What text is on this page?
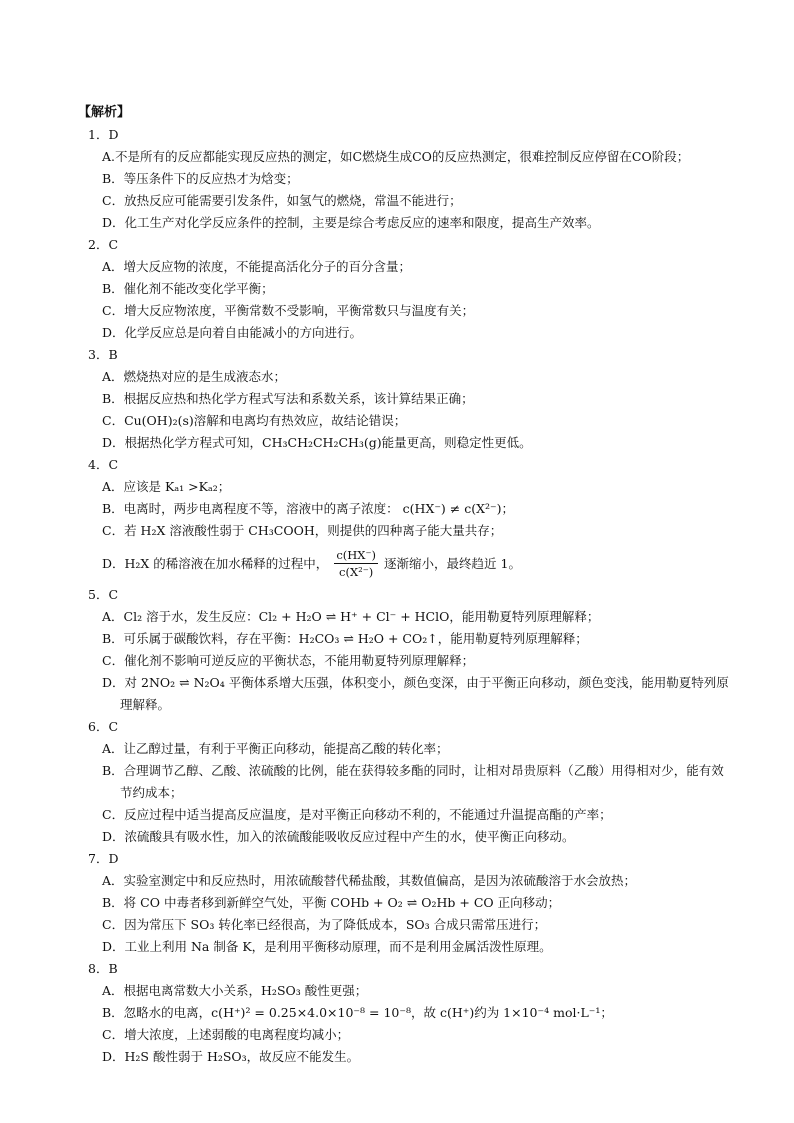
【解析】
1．D
A.不是所有的反应都能实现反应热的测定，如C燃烧生成CO的反应热测定，很难控制反应停留在CO阶段；
B．等压条件下的反应热才为焓变；
C．放热反应可能需要引发条件，如氢气的燃烧，常温不能进行；
D．化工生产对化学反应条件的控制，主要是综合考虑反应的速率和限度，提高生产效率。
2．C
A．增大反应物的浓度，不能提高活化分子的百分含量；
B．催化剂不能改变化学平衡；
C．增大反应物浓度，平衡常数不受影响，平衡常数只与温度有关；
D．化学反应总是向着自由能减小的方向进行。
3．B
A．燃烧热对应的是生成液态水；
B．根据反应热和热化学方程式写法和系数关系，该计算结果正确；
C．Cu(OH)₂(s)溶解和电离均有热效应，故结论错误；
D．根据热化学方程式可知，CH₃CH₂CH₂CH₃(g)能量更高，则稳定性更低。
4．C
A．应该是 Kₐ₁ >Kₐ₂；
B．电离时，两步电离程度不等，溶液中的离子浓度： c(HX⁻) ≠ c(X²⁻)；
C．若 H₂X 溶液酸性弱于 CH₃COOH，则提供的四种离子能大量共存；
D．H₂X 的稀溶液在加水稀释的过程中， $\frac{c(HX^-)}{\text{c(X²⁻)}}$ 逐渐缩小，最终趋近 1。
5．C
A．Cl₂ 溶于水，发生反应：Cl₂ + H₂O ⇌ H⁺ + Cl⁻ + HClO，能用勒夏特列原理解释；
B．可乐属于碳酸饮料，存在平衡：H₂CO₃ ⇌ H₂O + CO₂↑，能用勒夏特列原理解释；
C．催化剂不影响可逆反应的平衡状态，不能用勒夏特列原理解释；
D．对 2NO₂ ⇌ N₂O₄ 平衡体系增大压强，体积变小，颜色变深，由于平衡正向移动，颜色变浅，能用勒夏特列原理解释。
6．C
A．让乙醇过量，有利于平衡正向移动，能提高乙酸的转化率；
B．合理调节乙醇、乙酸、浓硫酸的比例，能在获得较多酯的同时，让相对昂贵原料（乙酸）用得相对少，能有效节约成本；
C．反应过程中适当提高反应温度，是对平衡正向移动不利的，不能通过升温提高酯的产率；
D．浓硫酸具有吸水性，加入的浓硫酸能吸收反应过程中产生的水，使平衡正向移动。
7．D
A．实验室测定中和反应热时，用浓硫酸替代稀盐酸，其数值偏高，是因为浓硫酸溶于水会放热；
B．将 CO 中毒者移到新鲜空气处，平衡 COHb + O₂ ⇌ O₂Hb + CO 正向移动；
C．因为常压下 SO₃ 转化率已经很高，为了降低成本，SO₃ 合成只需常压进行；
D．工业上利用 Na 制备 K，是利用平衡移动原理，而不是利用金属活泼性原理。
8．B
A．根据电离常数大小关系，H₂SO₃ 酸性更强；
B．忽略水的电离，c(H⁺)² = 0.25×4.0×10⁻⁸ = 10⁻⁸，故 c(H⁺)约为 1×10⁻⁴ mol·L⁻¹；
C．增大浓度，上述弱酸的电离程度均减小；
D．H₂S 酸性弱于 H₂SO₃，故反应不能发生。
